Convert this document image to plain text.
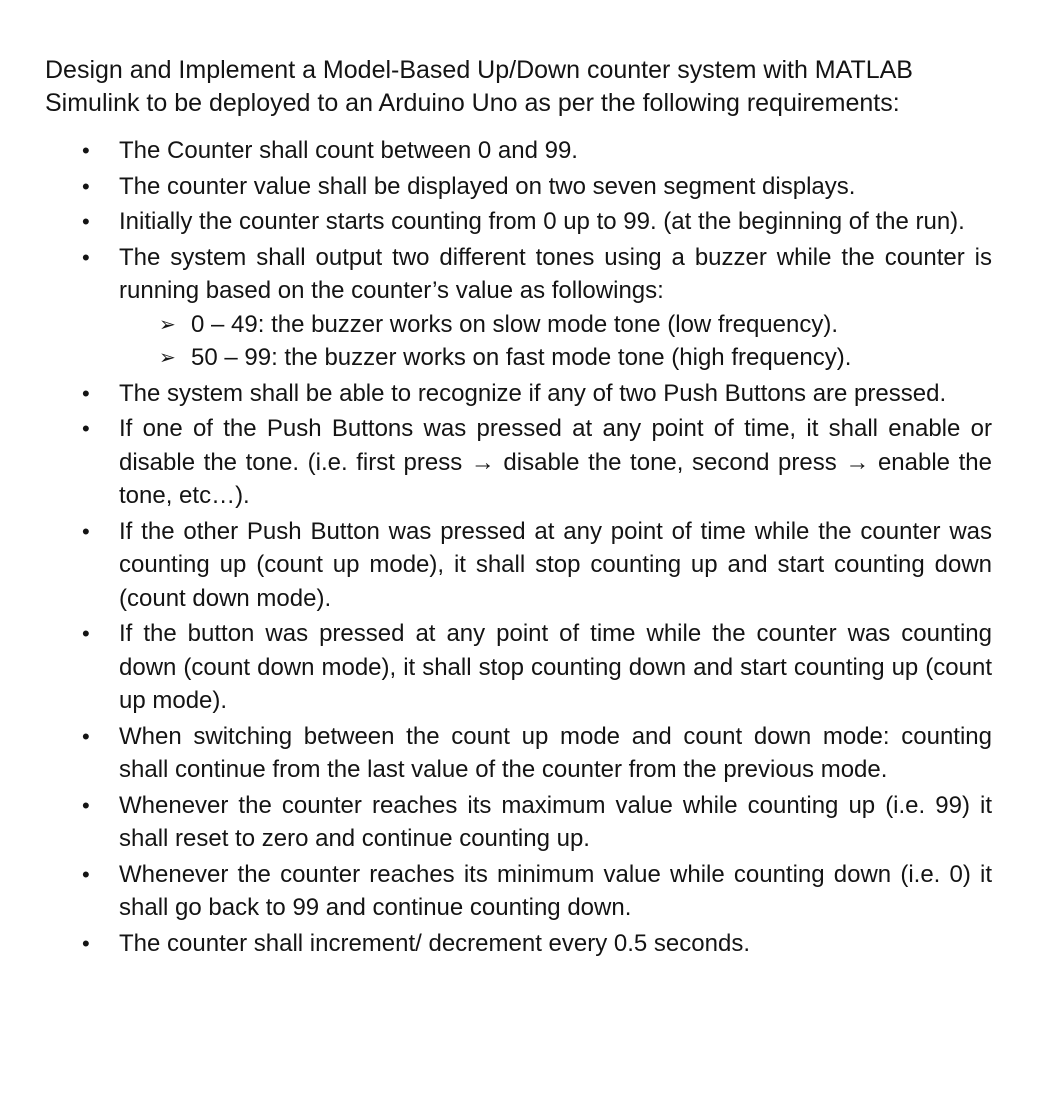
Design and Implement a Model-Based Up/Down counter system with MATLAB Simulink to be deployed to an Arduino Uno as per the following requirements:

• The Counter shall count between 0 and 99.
• The counter value shall be displayed on two seven segment displays.
• Initially the counter starts counting from 0 up to 99. (at the beginning of the run).
• The system shall output two different tones using a buzzer while the counter is running based on the counter’s value as followings:
➢ 0 – 49: the buzzer works on slow mode tone (low frequency).
➢ 50 – 99: the buzzer works on fast mode tone (high frequency).
• The system shall be able to recognize if any of two Push Buttons are pressed.
• If one of the Push Buttons was pressed at any point of time, it shall enable or disable the tone. (i.e. first press → disable the tone, second press → enable the tone, etc…).
• If the other Push Button was pressed at any point of time while the counter was counting up (count up mode), it shall stop counting up and start counting down (count down mode).
• If the button was pressed at any point of time while the counter was counting down (count down mode), it shall stop counting down and start counting up (count up mode).
• When switching between the count up mode and count down mode: counting shall continue from the last value of the counter from the previous mode.
• Whenever the counter reaches its maximum value while counting up (i.e. 99) it shall reset to zero and continue counting up.
• Whenever the counter reaches its minimum value while counting down (i.e. 0) it shall go back to 99 and continue counting down.
• The counter shall increment/ decrement every 0.5 seconds.
